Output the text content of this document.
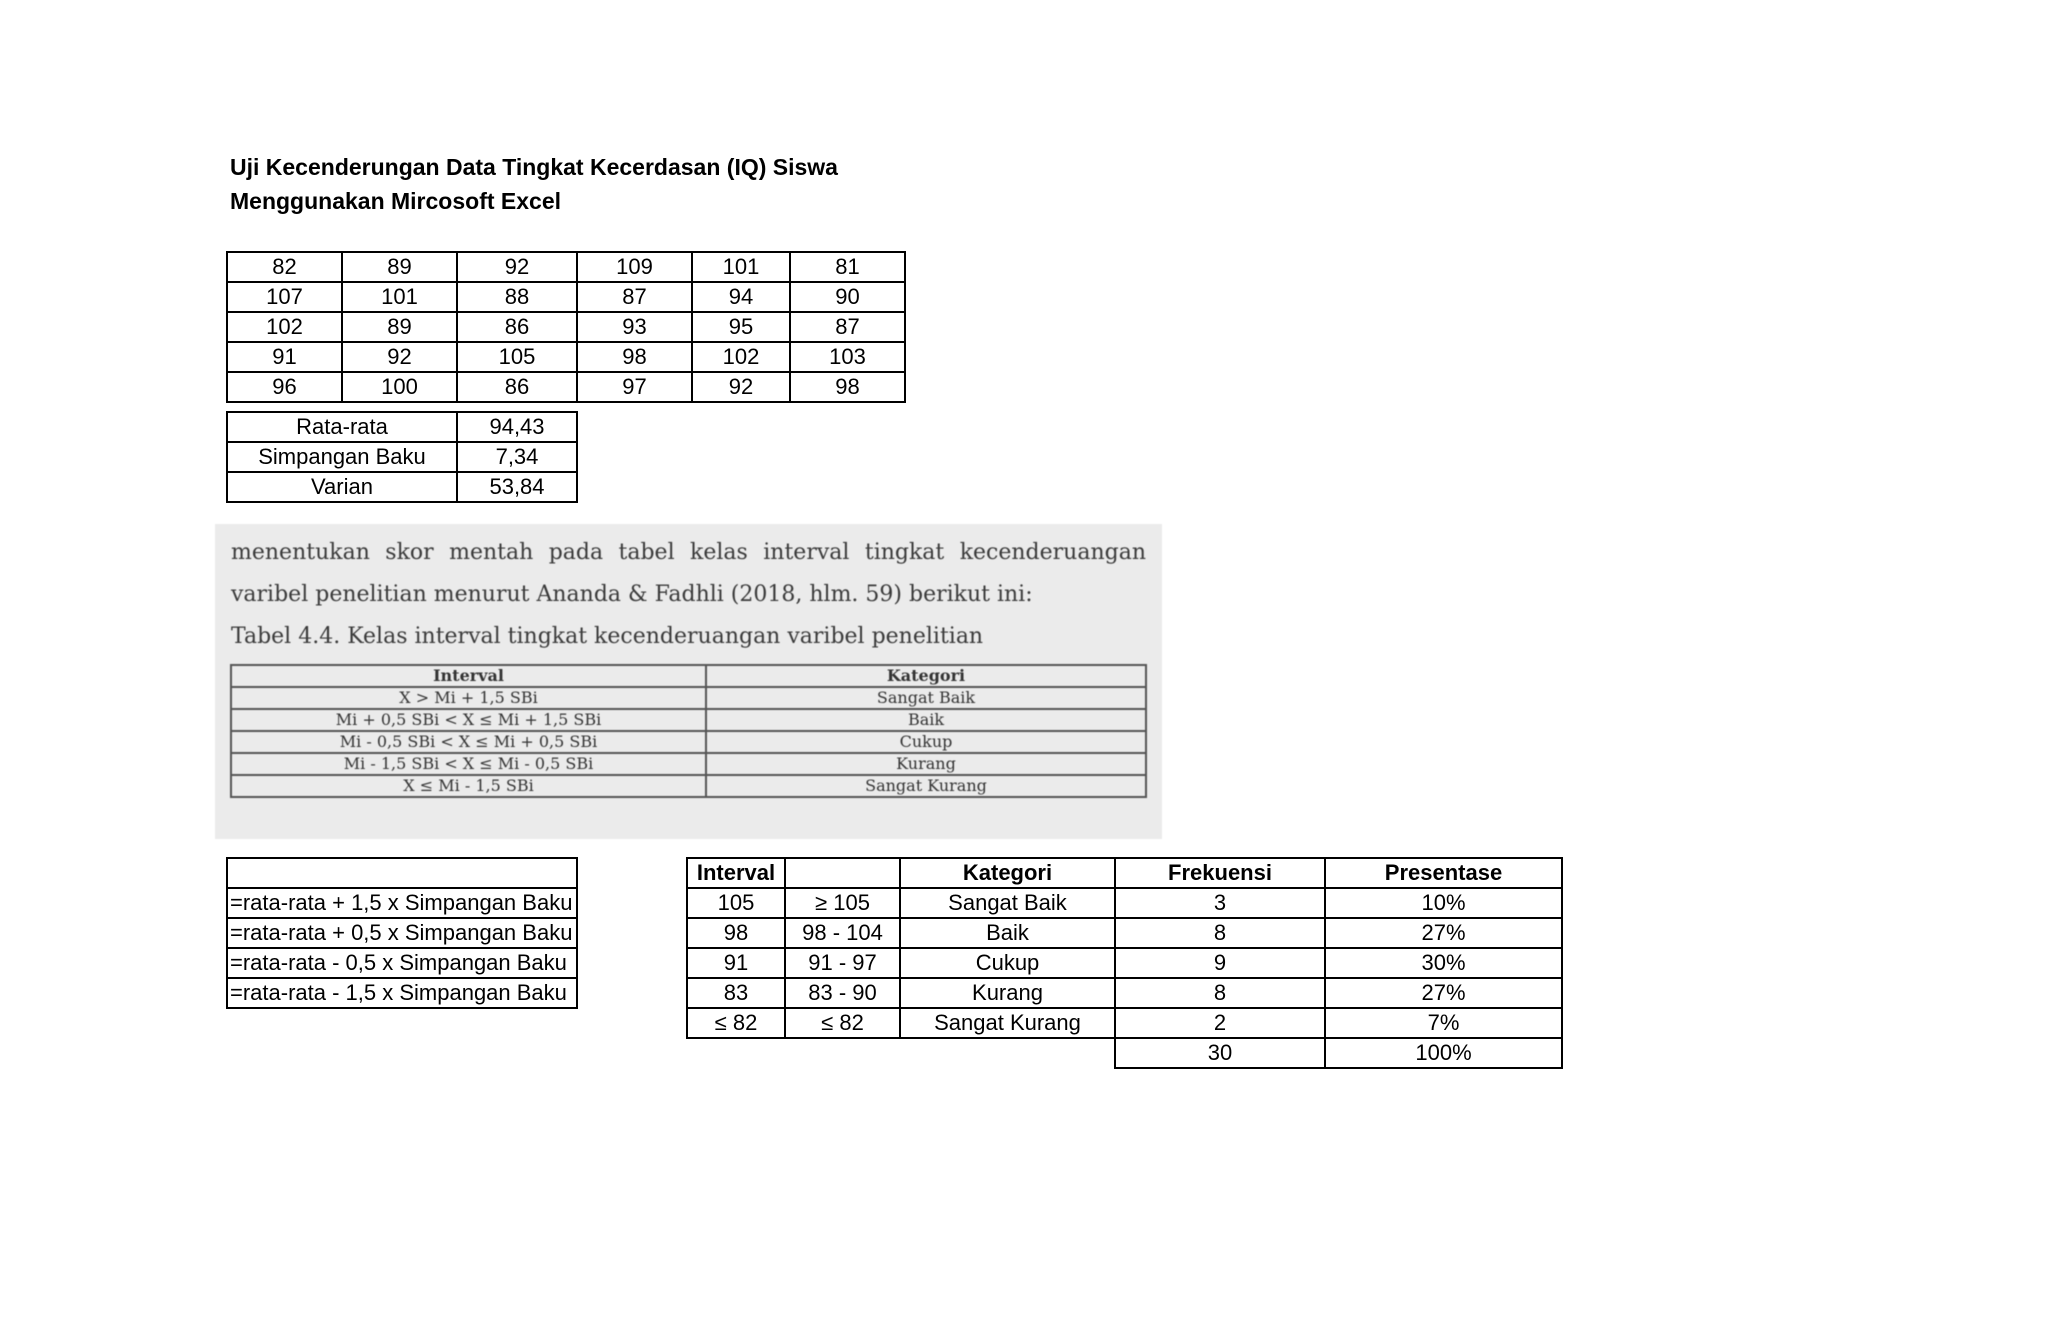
Uji Kecenderungan Data Tingkat Kecerdasan (IQ) Siswa
Menggunakan Mircosoft Excel
82	89	92	109	101	81
107	101	88	87	94	90
102	89	86	93	95	87
91	92	105	98	102	103
96	100	86	97	92	98
Rata-rata	94,43
Simpangan Baku	7,34
Varian	53,84
menentukan skor mentah pada tabel kelas interval tingkat kecenderuangan
varibel penelitian menurut Ananda & Fadhli (2018, hlm. 59) berikut ini:
Tabel 4.4. Kelas interval tingkat kecenderuangan varibel penelitian
Interval	Kategori
X > Mi + 1,5 SBi	Sangat Baik
Mi + 0,5 SBi < X ≤ Mi + 1,5 SBi	Baik
Mi - 0,5 SBi < X ≤ Mi + 0,5 SBi	Cukup
Mi - 1,5 SBi < X ≤ Mi - 0,5 SBi	Kurang
X ≤ Mi - 1,5 SBi	Sangat Kurang
		Interval		Kategori	Frekuensi	Presentase
=rata-rata + 1,5 x Simpangan Baku		105	≥ 105	Sangat Baik	3	10%
=rata-rata + 0,5 x Simpangan Baku		98	98 - 104	Baik	8	27%
=rata-rata - 0,5 x Simpangan Baku		91	91 - 97	Cukup	9	30%
=rata-rata - 1,5 x Simpangan Baku		83	83 - 90	Kurang	8	27%
		≤ 82	≤ 82	Sangat Kurang	2	7%
					30	100%
